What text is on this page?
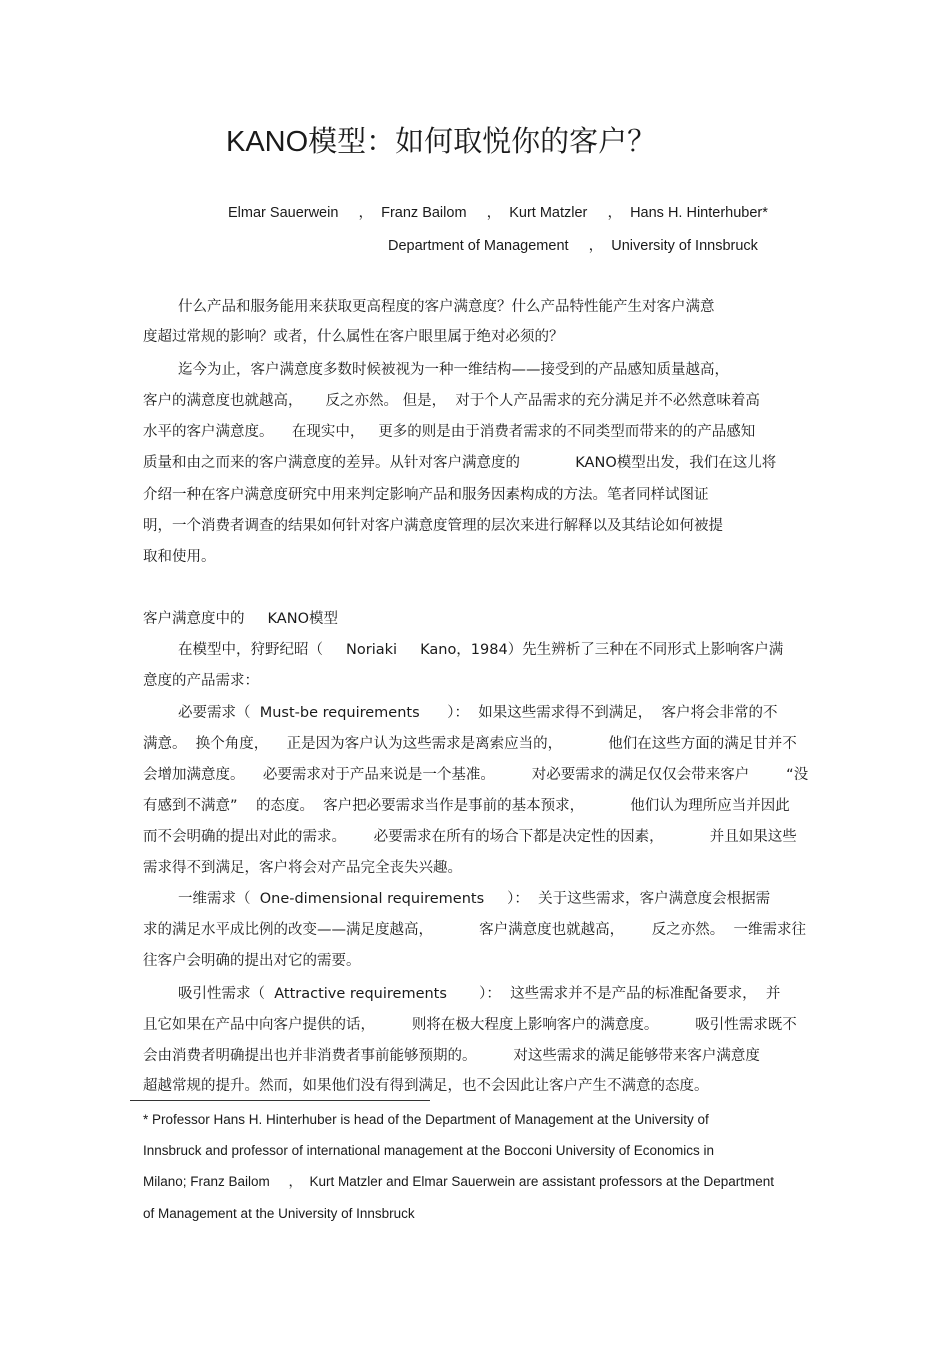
KANO模型：如何取悦你的客户？
Elmar Sauerwein     ，  Franz Bailom     ，  Kurt Matzler     ，  Hans H. Hinterhuber*
Department of Management     ，  University of Innsbruck
什么产品和服务能用来获取更高程度的客户满意度？什么产品特性能产生对客户满意
度超过常规的影响？或者，什么属性在客户眼里属于绝对必须的？
迄今为止，客户满意度多数时候被视为一种一维结构——接受到的产品感知质量越高，
客户的满意度也就越高，     反之亦然。 但是，  对于个人产品需求的充分满足并不必然意味着高
水平的客户满意度。    在现实中，   更多的则是由于消费者需求的不同类型而带来的的产品感知
质量和由之而来的客户满意度的差异。从针对客户满意度的            KANO模型出发，我们在这儿将
介绍一种在客户满意度研究中用来判定影响产品和服务因素构成的方法。笔者同样试图证
明，一个消费者调查的结果如何针对客户满意度管理的层次来进行解释以及其结论如何被提
取和使用。
客户满意度中的     KANO模型
在模型中，狩野纪昭（     Noriaki     Kano，1984）先生辨析了三种在不同形式上影响客户满
意度的产品需求：
必要需求（  Must-be requirements      ）：  如果这些需求得不到满足，  客户将会非常的不
满意。  换个角度，    正是因为客户认为这些需求是离索应当的，          他们在这些方面的满足甘并不
会增加满意度。    必要需求对于产品来说是一个基准。        对必要需求的满足仅仅会带来客户        “没
有感到不满意”    的态度。  客户把必要需求当作是事前的基本预求，          他们认为理所应当并因此
而不会明确的提出对此的需求。      必要需求在所有的场合下都是决定性的因素，          并且如果这些
需求得不到满足，客户将会对产品完全丧失兴趣。
一维需求（  One-dimensional requirements     ）：  关于这些需求，客户满意度会根据需
求的满足水平成比例的改变——满足度越高，          客户满意度也就越高，      反之亦然。  一维需求往
往客户会明确的提出对它的需要。
吸引性需求（  Attractive requirements       ）：  这些需求并不是产品的标准配备要求，  并
且它如果在产品中向客户提供的话，        则将在极大程度上影响客户的满意度。        吸引性需求既不
会由消费者明确提出也并非消费者事前能够预期的。        对这些需求的满足能够带来客户满意度
超越常规的提升。然而，如果他们没有得到满足，也不会因此让客户产生不满意的态度。
* Professor Hans H. Hinterhuber is head of the Department of Management at the University of
Innsbruck and professor of international management at the Bocconi University of Economics in
Milano; Franz Bailom     ，  Kurt Matzler and Elmar Sauerwein are assistant professors at the Department
of Management at the University of Innsbruck
